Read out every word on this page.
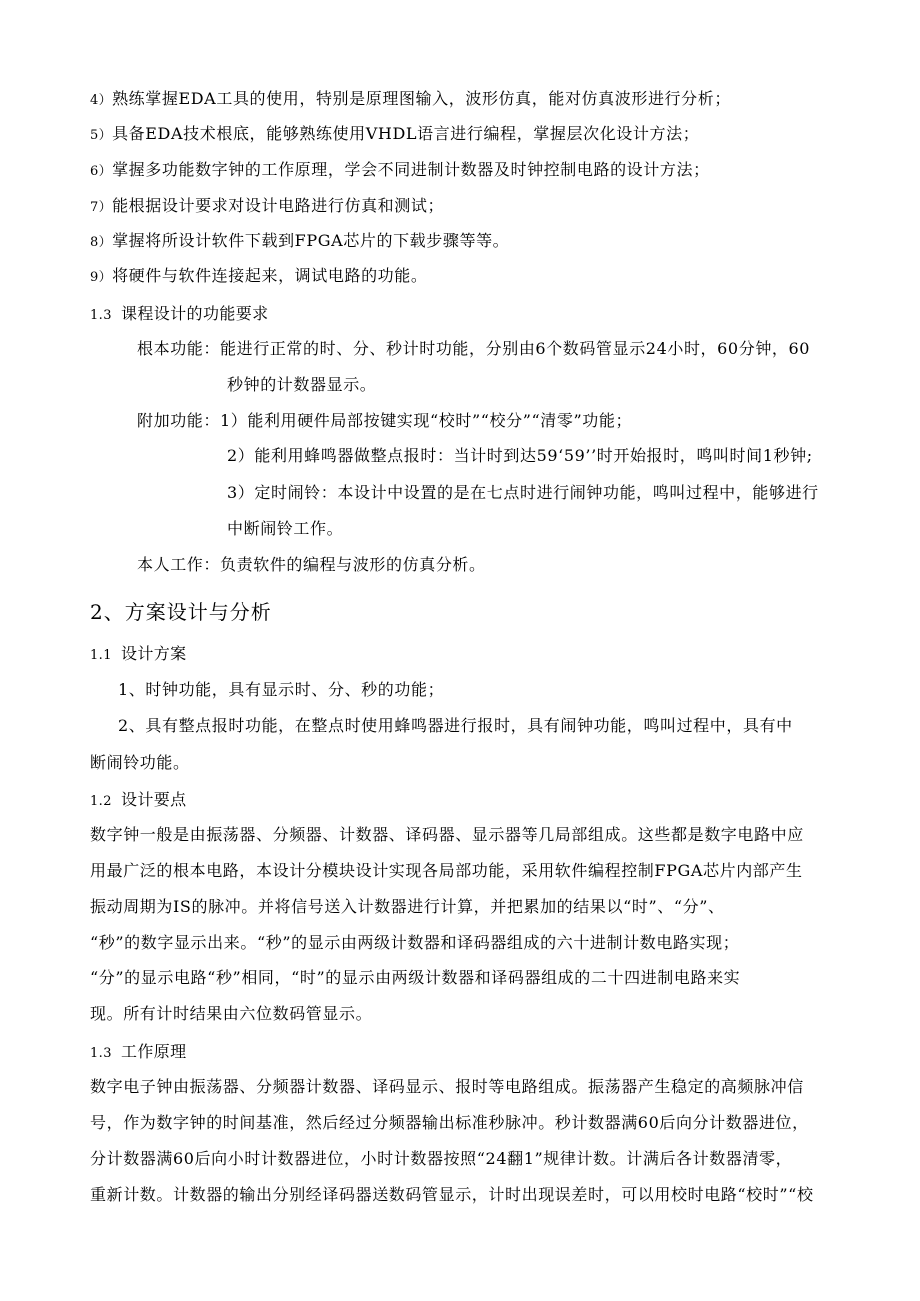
4）熟练掌握EDA工具的使用，特别是原理图输入，波形仿真，能对仿真波形进行分析；
5）具备EDA技术根底，能够熟练使用VHDL语言进行编程，掌握层次化设计方法；
6）掌握多功能数字钟的工作原理，学会不同进制计数器及时钟控制电路的设计方法；
7）能根据设计要求对设计电路进行仿真和测试；
8）掌握将所设计软件下载到FPGA芯片的下载步骤等等。
9）将硬件与软件连接起来，调试电路的功能。
1.3 课程设计的功能要求
根本功能：能进行正常的时、分、秒计时功能，分别由6个数码管显示24小时，60分钟，60
秒钟的计数器显示。
附加功能：1）能利用硬件局部按键实现“校时”“校分”“清零”功能；
2）能利用蜂鸣器做整点报时：当计时到达59‘59’’时开始报时，鸣叫时间1秒钟;
3）定时闹铃：本设计中设置的是在七点时进行闹钟功能，鸣叫过程中，能够进行
中断闹铃工作。
本人工作：负责软件的编程与波形的仿真分析。
2、方案设计与分析
1.1 设计方案
1、时钟功能，具有显示时、分、秒的功能；
2、具有整点报时功能，在整点时使用蜂鸣器进行报时，具有闹钟功能，鸣叫过程中，具有中
断闹铃功能。
1.2 设计要点
数字钟一般是由振荡器、分频器、计数器、译码器、显示器等几局部组成。这些都是数字电路中应
用最广泛的根本电路，本设计分模块设计实现各局部功能，采用软件编程控制FPGA芯片内部产生
振动周期为IS的脉冲。并将信号送入计数器进行计算，并把累加的结果以“时”、“分”、
“秒”的数字显示出来。“秒”的显示由两级计数器和译码器组成的六十进制计数电路实现；
“分”的显示电路“秒”相同，“时”的显示由两级计数器和译码器组成的二十四进制电路来实
现。所有计时结果由六位数码管显示。
1.3 工作原理
数字电子钟由振荡器、分频器计数器、译码显示、报时等电路组成。振荡器产生稳定的高频脉冲信
号，作为数字钟的时间基准，然后经过分频器输出标准秒脉冲。秒计数器满60后向分计数器进位，
分计数器满60后向小时计数器进位，小时计数器按照“24翻1”规律计数。计满后各计数器清零，
重新计数。计数器的输出分别经译码器送数码管显示，计时出现误差时，可以用校时电路“校时”“校
